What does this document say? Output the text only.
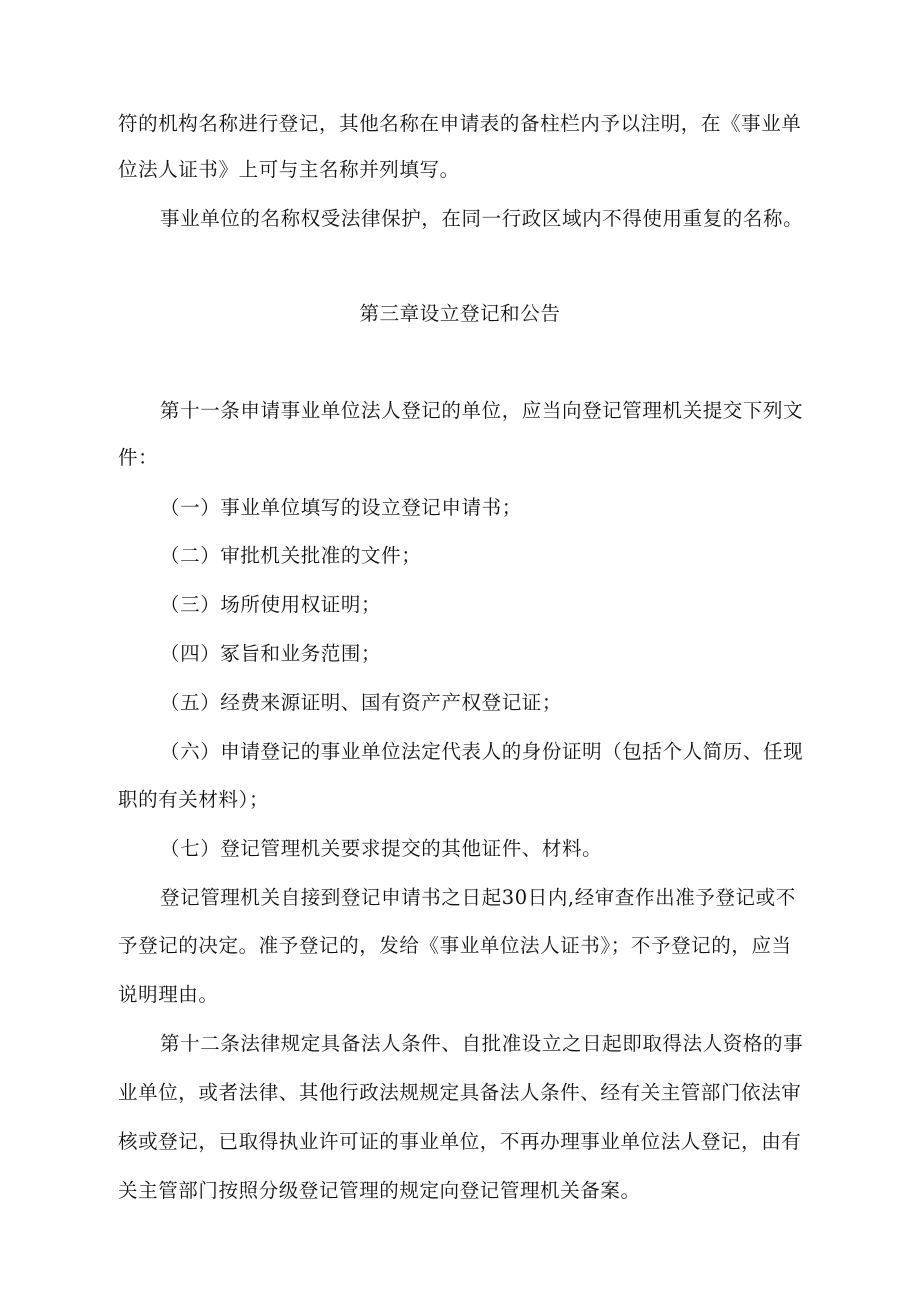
符的机构名称进行登记，其他名称在申请表的备柱栏内予以注明，在《事业单
位法人证书》上可与主名称并列填写。
事业单位的名称权受法律保护，在同一行政区域内不得使用重复的名称。
第三章设立登记和公告
第十一条申请事业单位法人登记的单位，应当向登记管理机关提交下列文
件：
（一）事业单位填写的设立登记申请书；
（二）审批机关批准的文件；
（三）场所使用权证明；
（四）冢旨和业务范围；
（五）经费来源证明、国有资产产权登记证；
（六）申请登记的事业单位法定代表人的身份证明（包括个人简历、任现
职的有关材料）；
（七）登记管理机关要求提交的其他证件、材料。
登记管理机关自接到登记申请书之日起30日内,经审查作出准予登记或不
予登记的决定。准予登记的，发给《事业单位法人证书》；不予登记的，应当
说明理由。
第十二条法律规定具备法人条件、自批准设立之日起即取得法人资格的事
业单位，或者法律、其他行政法规规定具备法人条件、经有关主管部门依法审
核或登记，已取得执业许可证的事业单位，不再办理事业单位法人登记，由有
关主管部门按照分级登记管理的规定向登记管理机关备案。
